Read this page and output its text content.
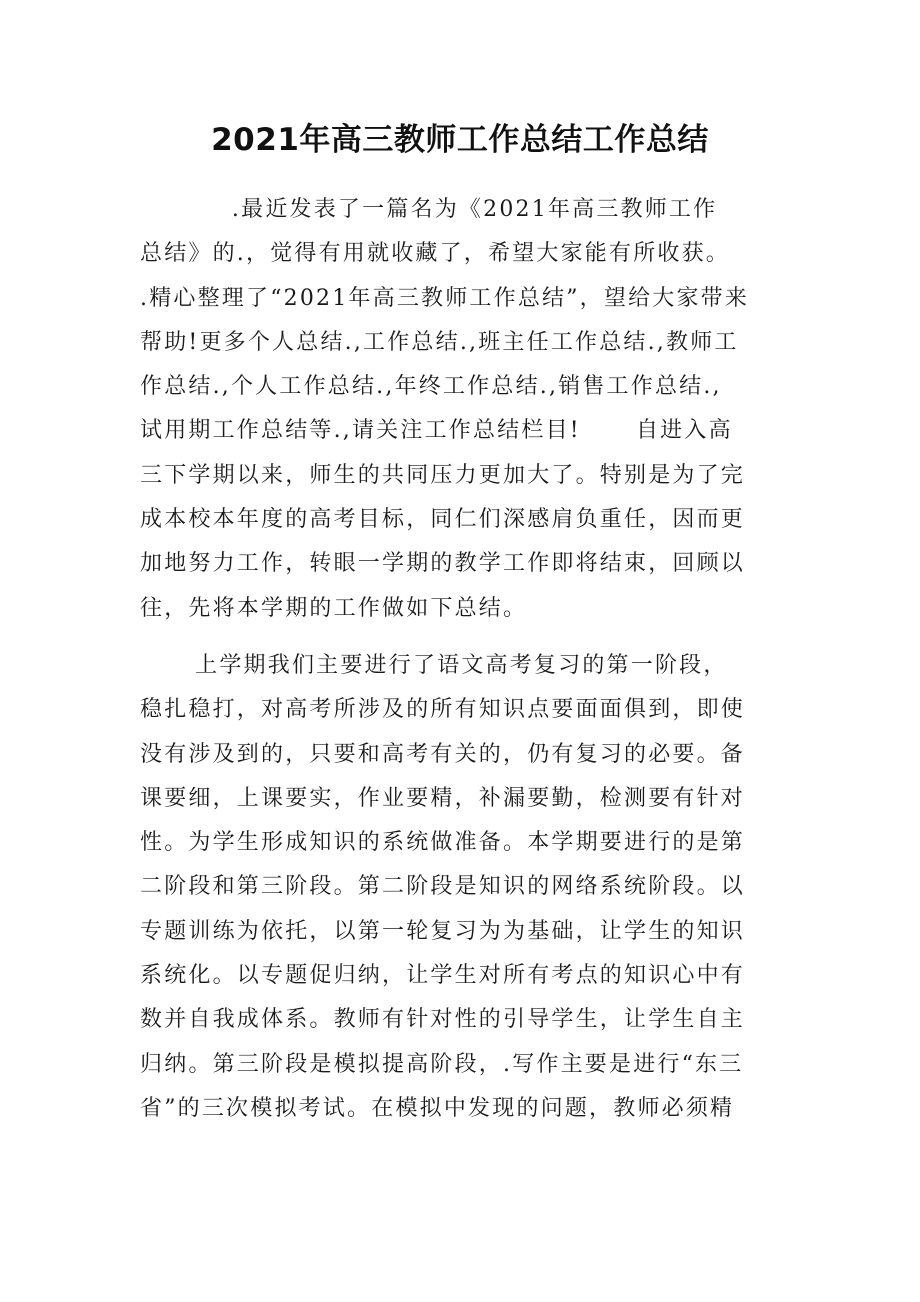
2021年高三教师工作总结工作总结
.最近发表了一篇名为《2021年高三教师工作
总结》的.，觉得有用就收藏了，希望大家能有所收获。
.精心整理了“2021年高三教师工作总结”，望给大家带来
帮助!更多个人总结.,工作总结.,班主任工作总结.,教师工
作总结.,个人工作总结.,年终工作总结.,销售工作总结.,
试用期工作总结等.,请关注工作总结栏目!      自进入高
三下学期以来，师生的共同压力更加大了。特别是为了完
成本校本年度的高考目标，同仁们深感肩负重任，因而更
加地努力工作，转眼一学期的教学工作即将结束，回顾以
往，先将本学期的工作做如下总结。
上学期我们主要进行了语文高考复习的第一阶段，
稳扎稳打，对高考所涉及的所有知识点要面面俱到，即使
没有涉及到的，只要和高考有关的，仍有复习的必要。备
课要细，上课要实，作业要精，补漏要勤，检测要有针对
性。为学生形成知识的系统做准备。本学期要进行的是第
二阶段和第三阶段。第二阶段是知识的网络系统阶段。以
专题训练为依托，以第一轮复习为为基础，让学生的知识
系统化。以专题促归纳，让学生对所有考点的知识心中有
数并自我成体系。教师有针对性的引导学生，让学生自主
归纳。第三阶段是模拟提高阶段，.写作主要是进行“东三
省”的三次模拟考试。在模拟中发现的问题，教师必须精
